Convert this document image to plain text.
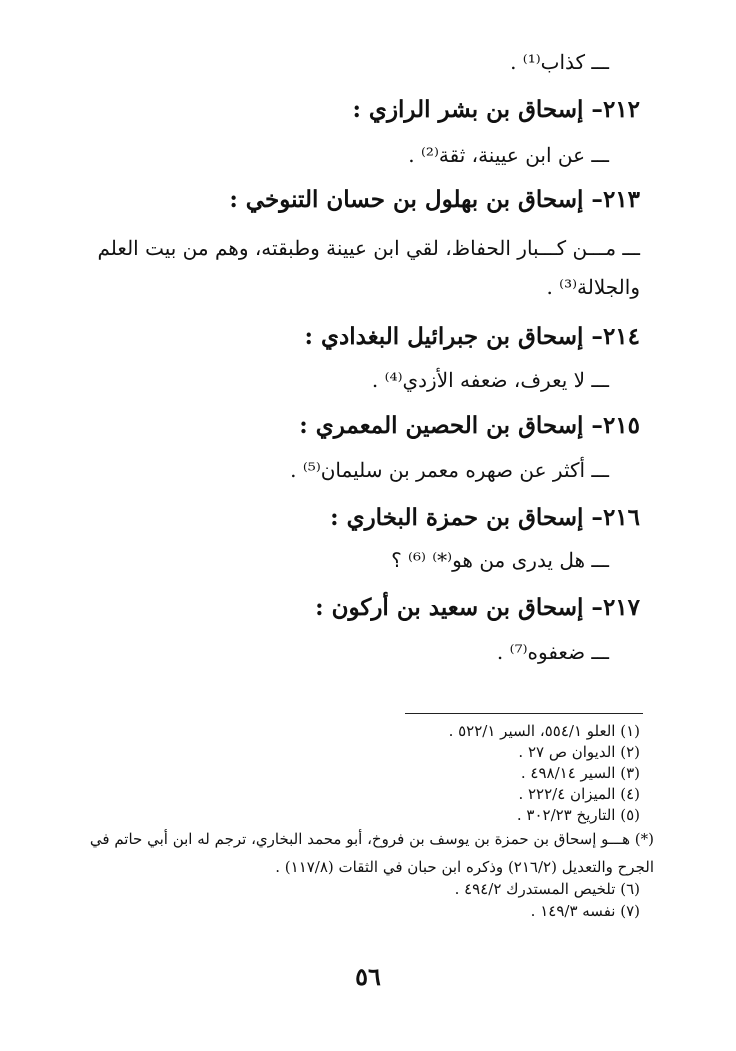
ـــ كذاب⁽¹⁾ .
٢١٢– إسحاق بن بشر الرازي :
ـــ عن ابن عيينة، ثقة⁽²⁾ .
٢١٣– إسحاق بن بهلول بن حسان التنوخي :
ـــ مـــن كـــبار الحفاظ، لقي ابن عيينة وطبقته، وهم من بيت العلم
والجلالة⁽³⁾ .
٢١٤– إسحاق بن جبرائيل البغدادي :
ـــ لا يعرف، ضعفه الأزدي⁽⁴⁾ .
٢١٥– إسحاق بن الحصين المعمري :
ـــ أكثر عن صهره معمر بن سليمان⁽⁵⁾ .
٢١٦– إسحاق بن حمزة البخاري :
ـــ هل يدرى من هو⁽*⁾ ⁽⁶⁾ ؟
٢١٧– إسحاق بن سعيد بن أركون :
ـــ ضعفوه⁽⁷⁾ .
(١) العلو ٥٥٤/١، السير ٥٢٢/١ .
(٢) الديوان ص ٢٧ .
(٣) السير ٤٩٨/١٤ .
(٤) الميزان ٢٢٢/٤ .
(٥) التاريخ ٣٠٢/٢٣ .
(*) هـــو إسحاق بن حمزة بن يوسف بن فروخ، أبو محمد البخاري، ترجم له ابن أبي حاتم في
الجرح والتعديل (٢١٦/٢) وذكره ابن حبان في الثقات (١١٧/٨) .
(٦) تلخيص المستدرك ٤٩٤/٢ .
(٧) نفسه ١٤٩/٣ .
٥٦
